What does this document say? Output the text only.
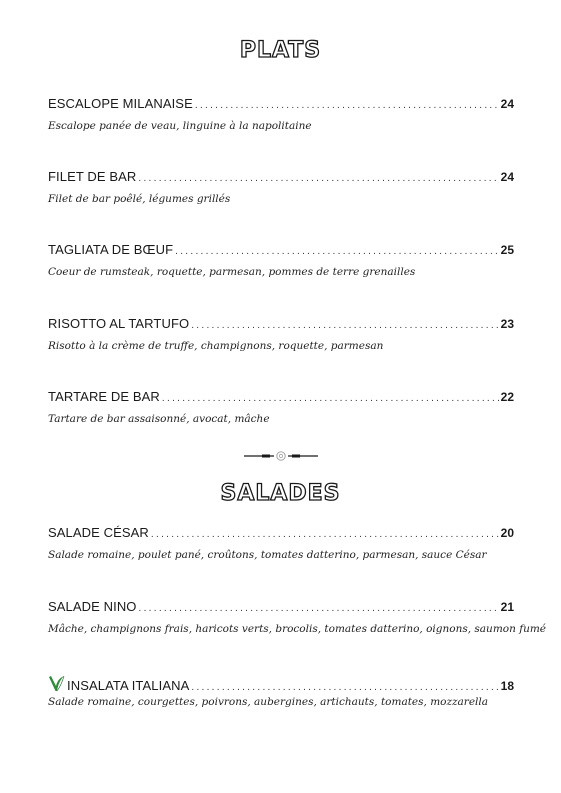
PLATS
ESCALOPE MILANAISE .....	24
Escalope panée de veau, linguine à la napolitaine
FILET DE BAR .....	24
Filet de bar poêlé, légumes grillés
TAGLIATA DE BŒUF .....	25
Coeur de rumsteak, roquette, parmesan, pommes de terre grenailles
RISOTTO AL TARTUFO .....	23
Risotto à la crème de truffe, champignons, roquette, parmesan
TARTARE DE BAR .....	22
Tartare de bar assaisonné, avocat, mâche
SALADES
SALADE CÉSAR .....	20
Salade romaine, poulet pané, croûtons, tomates datterino, parmesan, sauce César
SALADE NINO .....	21
Mâche, champignons frais, haricots verts, brocolis, tomates datterino, oignons, saumon fumé
INSALATA ITALIANA .....	18
Salade romaine, courgettes, poivrons, aubergines, artichauts, tomates, mozzarella
